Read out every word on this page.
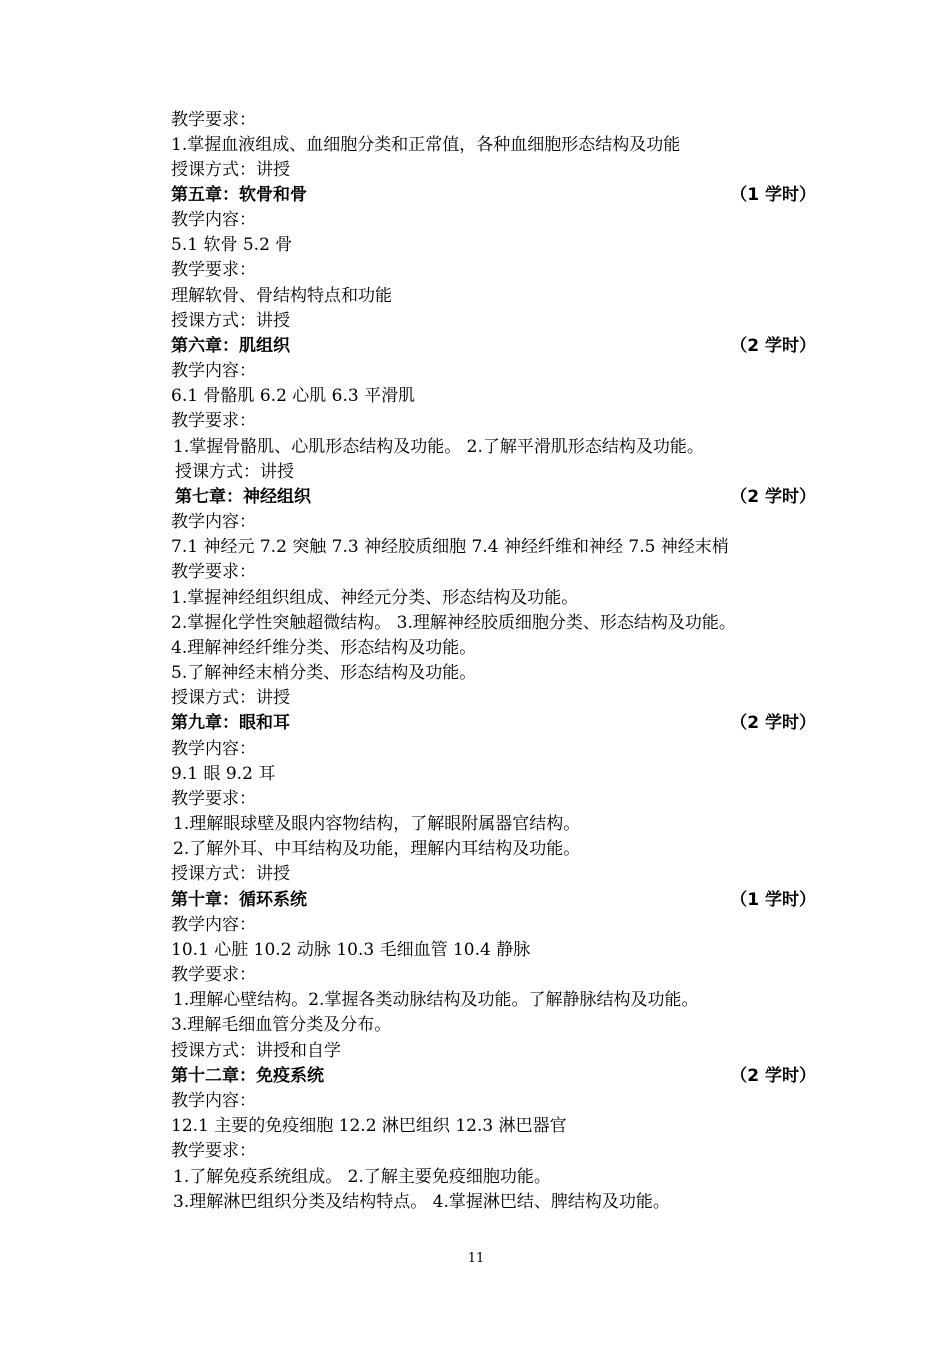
教学要求：
1.掌握血液组成、血细胞分类和正常值，各种血细胞形态结构及功能
授课方式：讲授
第五章：软骨和骨	（1 学时）
教学内容：
5.1 软骨 5.2 骨
教学要求：
理解软骨、骨结构特点和功能
授课方式：讲授
第六章：肌组织	（2 学时）
教学内容：
6.1 骨骼肌 6.2 心肌 6.3 平滑肌
教学要求：
1.掌握骨骼肌、心肌形态结构及功能。 2.了解平滑肌形态结构及功能。
授课方式：讲授
第七章：神经组织	（2 学时）
教学内容：
7.1 神经元 7.2 突触 7.3 神经胶质细胞 7.4 神经纤维和神经 7.5 神经末梢
教学要求：
1.掌握神经组织组成、神经元分类、形态结构及功能。
2.掌握化学性突触超微结构。 3.理解神经胶质细胞分类、形态结构及功能。
4.理解神经纤维分类、形态结构及功能。
5.了解神经末梢分类、形态结构及功能。
授课方式：讲授
第九章：眼和耳	（2 学时）
教学内容：
9.1 眼 9.2 耳
教学要求：
1.理解眼球壁及眼内容物结构，了解眼附属器官结构。
2.了解外耳、中耳结构及功能，理解内耳结构及功能。
授课方式：讲授
第十章：循环系统	（1 学时）
教学内容：
10.1 心脏 10.2 动脉 10.3 毛细血管 10.4 静脉
教学要求：
1.理解心壁结构。2.掌握各类动脉结构及功能。了解静脉结构及功能。
3.理解毛细血管分类及分布。
授课方式：讲授和自学
第十二章：免疫系统	（2 学时）
教学内容：
12.1 主要的免疫细胞 12.2 淋巴组织 12.3 淋巴器官
教学要求：
1.了解免疫系统组成。 2.了解主要免疫细胞功能。
3.理解淋巴组织分类及结构特点。 4.掌握淋巴结、脾结构及功能。
11
